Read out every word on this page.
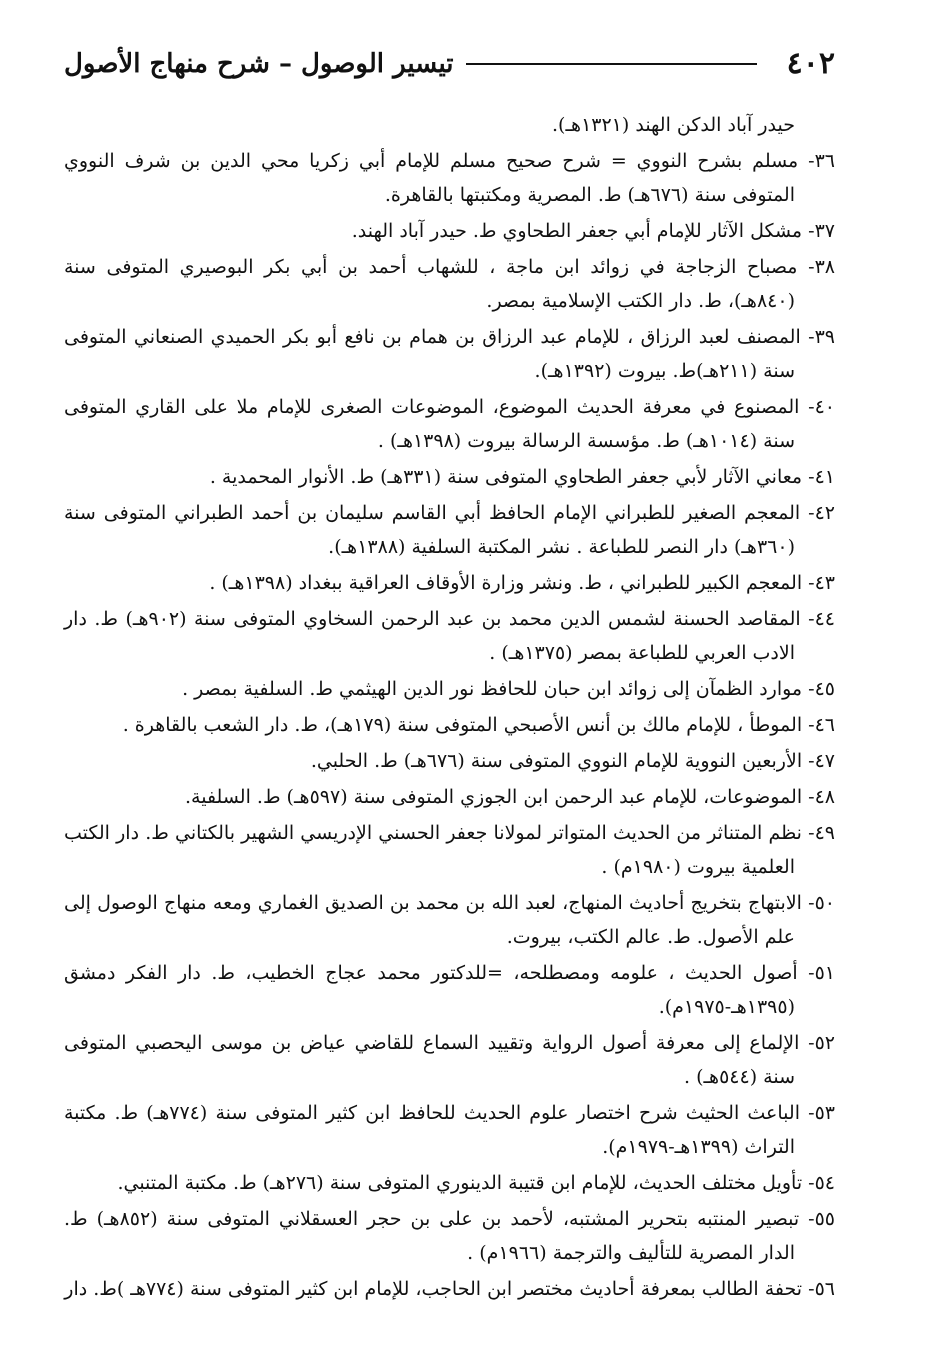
٤٠٢
تيسير الوصول – شرح منهاج الأصول
حيدر آباد الدكن الهند (١٣٢١هـ).
٣٦- مسلم بشرح النووي = شرح صحيح مسلم للإمام أبي زكريا محي الدين بن شرف النووي المتوفى سنة (٦٧٦هـ) ط. المصرية ومكتبتها بالقاهرة.
٣٧- مشكل الآثار للإمام أبي جعفر الطحاوي ط. حيدر آباد الهند.
٣٨- مصباح الزجاجة في زوائد ابن ماجة ، للشهاب أحمد بن أبي بكر البوصيري المتوفى سنة (٨٤٠هـ)، ط. دار الكتب الإسلامية بمصر.
٣٩- المصنف لعبد الرزاق ، للإمام عبد الرزاق بن همام بن نافع أبو بكر الحميدي الصنعاني المتوفى سنة (٢١١هـ)ط. بيروت (١٣٩٢هـ).
٤٠- المصنوع في معرفة الحديث الموضوع، الموضوعات الصغرى للإمام ملا على القاري المتوفى سنة (١٠١٤هـ) ط. مؤسسة الرسالة بيروت (١٣٩٨هـ) .
٤١- معاني الآثار لأبي جعفر الطحاوي المتوفى سنة (٣٣١هـ) ط. الأنوار المحمدية .
٤٢- المعجم الصغير للطبراني الإمام الحافظ أبي القاسم سليمان بن أحمد الطبراني المتوفى سنة (٣٦٠هـ) دار النصر للطباعة . نشر المكتبة السلفية (١٣٨٨هـ).
٤٣- المعجم الكبير للطبراني ، ط. ونشر وزارة الأوقاف العراقية ببغداد (١٣٩٨هـ) .
٤٤- المقاصد الحسنة لشمس الدين محمد بن عبد الرحمن السخاوي المتوفى سنة (٩٠٢هـ) ط. دار الادب العربي للطباعة بمصر (١٣٧٥هـ) .
٤٥- موارد الظمآن إلى زوائد ابن حبان للحافظ نور الدين الهيثمي ط. السلفية بمصر .
٤٦- الموطأ ، للإمام مالك بن أنس الأصبحي المتوفى سنة (١٧٩هـ)، ط. دار الشعب بالقاهرة .
٤٧- الأربعين النووية للإمام النووي المتوفى سنة (٦٧٦هـ) ط. الحلبي.
٤٨- الموضوعات، للإمام عبد الرحمن ابن الجوزي المتوفى سنة (٥٩٧هـ) ط. السلفية.
٤٩- نظم المتناثر من الحديث المتواتر لمولانا جعفر الحسني الإدريسي الشهير بالكتاني ط. دار الكتب العلمية بيروت (١٩٨٠م) .
٥٠- الابتهاج بتخريج أحاديث المنهاج، لعبد الله بن محمد بن الصديق الغماري ومعه منهاج الوصول إلى علم الأصول. ط. عالم الكتب، بيروت.
٥١- أصول الحديث ، علومه ومصطلحه، =للدكتور محمد عجاج الخطيب، ط. دار الفكر دمشق (١٣٩٥هـ-١٩٧٥م).
٥٢- الإلماع إلى معرفة أصول الرواية وتقييد السماع للقاضي عياض بن موسى اليحصبي المتوفى سنة (٥٤٤هـ) .
٥٣- الباعث الحثيث شرح اختصار علوم الحديث للحافظ ابن كثير المتوفى سنة (٧٧٤هـ) ط. مكتبة التراث (١٣٩٩هـ-١٩٧٩م).
٥٤- تأويل مختلف الحديث، للإمام ابن قتيبة الدينوري المتوفى سنة (٢٧٦هـ) ط. مكتبة المتنبي.
٥٥- تبصير المنتبه بتحرير المشتبه، لأحمد بن على بن حجر العسقلاني المتوفى سنة (٨٥٢هـ) ط. الدار المصرية للتأليف والترجمة (١٩٦٦م) .
٥٦- تحفة الطالب بمعرفة أحاديث مختصر ابن الحاجب، للإمام ابن كثير المتوفى سنة (٧٧٤هـ )ط. دار
